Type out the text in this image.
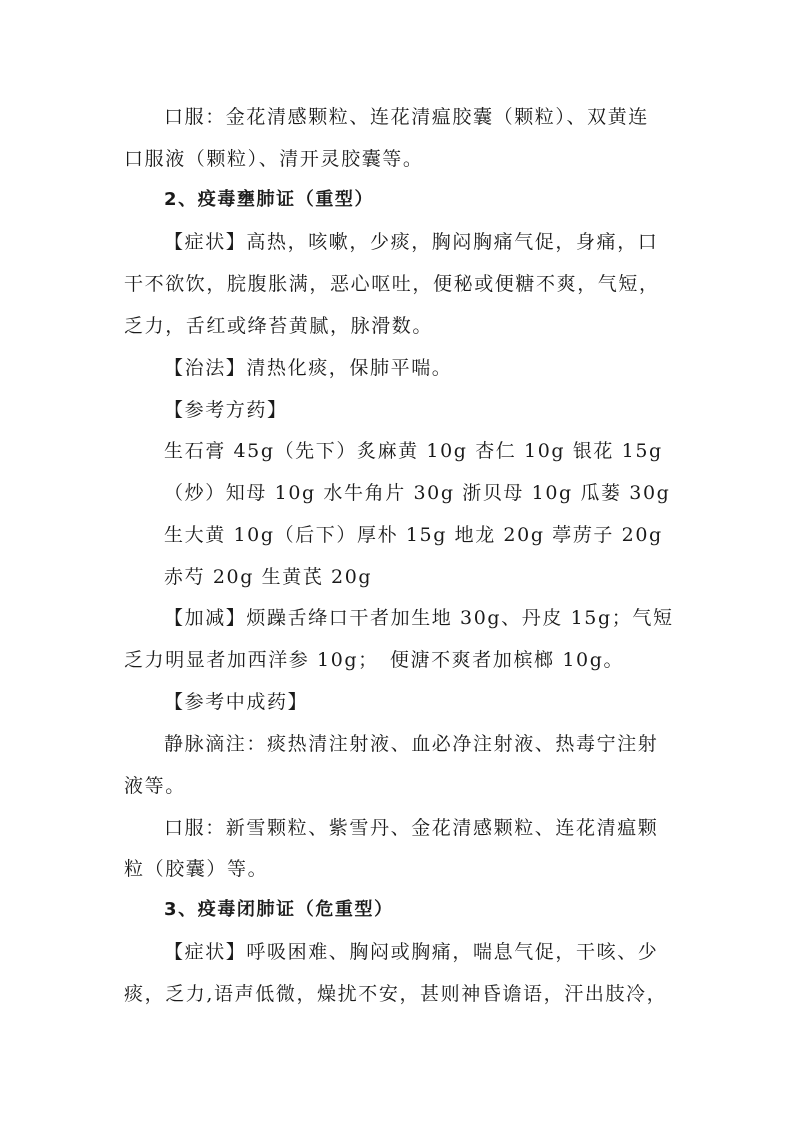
口服：金花清感颗粒、连花清瘟胶囊（颗粒）、双黄连
口服液（颗粒）、清开灵胶囊等。
2、疫毒壅肺证（重型）
【症状】高热，咳嗽，少痰，胸闷胸痛气促，身痛，口
干不欲饮，脘腹胀满，恶心呕吐，便秘或便糖不爽，气短，
乏力，舌红或绛苔黄腻，脉滑数。
【治法】清热化痰，保肺平喘。
【参考方药】
生石膏 45g（先下）炙麻黄 10g 杏仁 10g 银花 15g
（炒）知母 10g 水牛角片 30g 浙贝母 10g 瓜蒌 30g
生大黄 10g（后下）厚朴 15g 地龙 20g 葶苈子 20g
赤芍 20g 生黄芪 20g
【加减】烦躁舌绛口干者加生地 30g、丹皮 15g；气短
乏力明显者加西洋参 10g；　便溏不爽者加槟榔 10g。
【参考中成药】
静脉滴注：痰热清注射液、血必净注射液、热毒宁注射
液等。
口服：新雪颗粒、紫雪丹、金花清感颗粒、连花清瘟颗
粒（胶囊）等。
3、疫毒闭肺证（危重型）
【症状】呼吸困难、胸闷或胸痛，喘息气促，干咳、少
痰，乏力,语声低微，燥扰不安，甚则神昏谵语，汗出肢冷，
